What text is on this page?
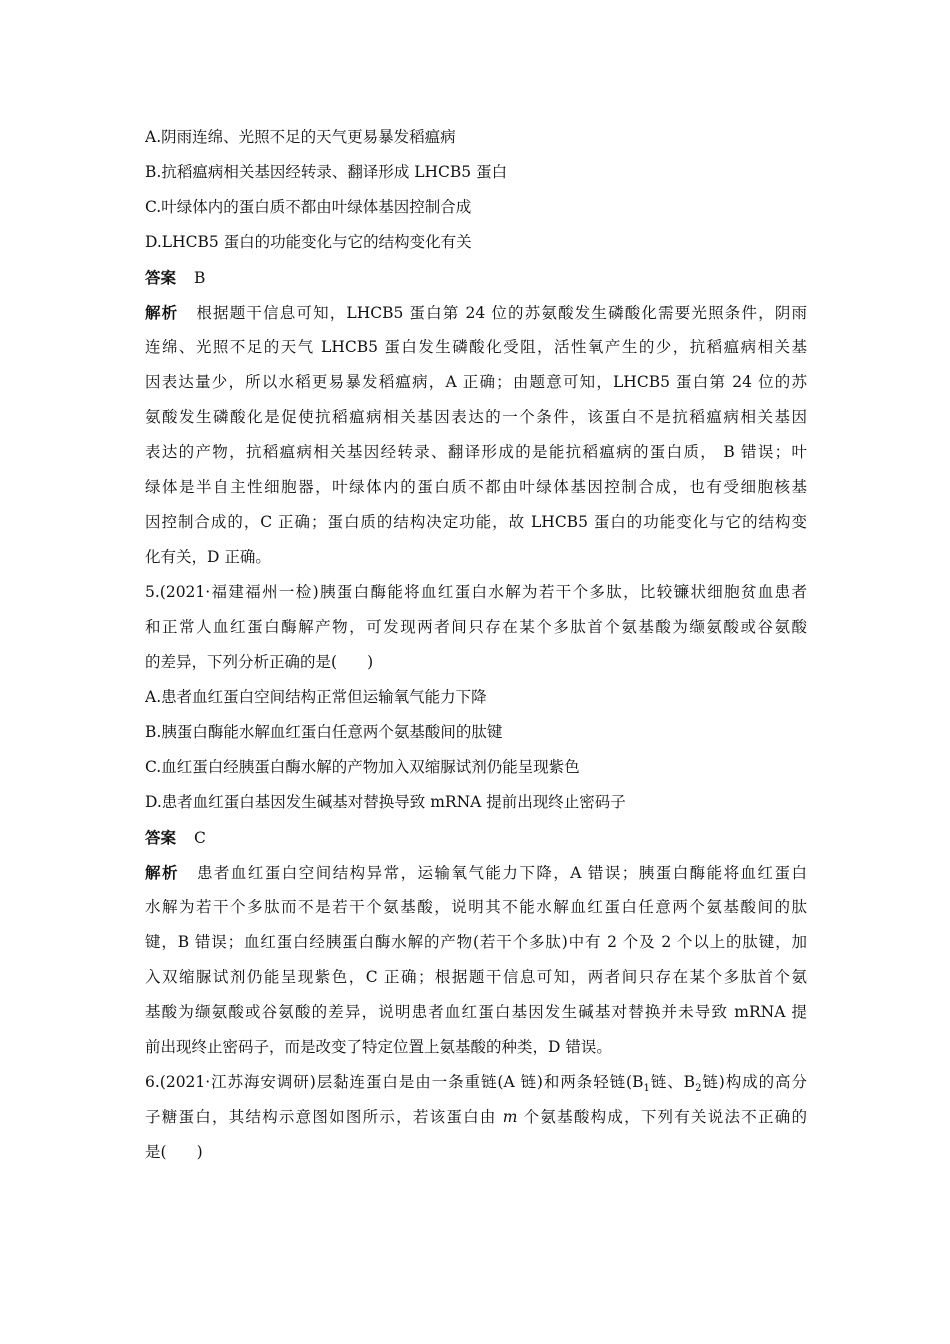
A.阴雨连绵、光照不足的天气更易暴发稻瘟病
B.抗稻瘟病相关基因经转录、翻译形成 LHCB5 蛋白
C.叶绿体内的蛋白质不都由叶绿体基因控制合成
D.LHCB5 蛋白的功能变化与它的结构变化有关
答案 B
解析 根据题干信息可知，LHCB5 蛋白第 24 位的苏氨酸发生磷酸化需要光照条件，阴雨
连绵、光照不足的天气 LHCB5 蛋白发生磷酸化受阻，活性氧产生的少，抗稻瘟病相关基
因表达量少，所以水稻更易暴发稻瘟病，A 正确；由题意可知，LHCB5 蛋白第 24 位的苏
氨酸发生磷酸化是促使抗稻瘟病相关基因表达的一个条件，该蛋白不是抗稻瘟病相关基因
表达的产物，抗稻瘟病相关基因经转录、翻译形成的是能抗稻瘟病的蛋白质， B 错误；叶
绿体是半自主性细胞器，叶绿体内的蛋白质不都由叶绿体基因控制合成，也有受细胞核基
因控制合成的，C 正确；蛋白质的结构决定功能，故 LHCB5 蛋白的功能变化与它的结构变
化有关，D 正确。
5.(2021·福建福州一检)胰蛋白酶能将血红蛋白水解为若干个多肽，比较镰状细胞贫血患者
和正常人血红蛋白酶解产物，可发现两者间只存在某个多肽首个氨基酸为缬氨酸或谷氨酸
的差异，下列分析正确的是( )
A.患者血红蛋白空间结构正常但运输氧气能力下降
B.胰蛋白酶能水解血红蛋白任意两个氨基酸间的肽键
C.血红蛋白经胰蛋白酶水解的产物加入双缩脲试剂仍能呈现紫色
D.患者血红蛋白基因发生碱基对替换导致 mRNA 提前出现终止密码子
答案 C
解析 患者血红蛋白空间结构异常，运输氧气能力下降，A 错误；胰蛋白酶能将血红蛋白
水解为若干个多肽而不是若干个氨基酸，说明其不能水解血红蛋白任意两个氨基酸间的肽
键，B 错误；血红蛋白经胰蛋白酶水解的产物(若干个多肽)中有 2 个及 2 个以上的肽键，加
入双缩脲试剂仍能呈现紫色，C 正确；根据题干信息可知，两者间只存在某个多肽首个氨
基酸为缬氨酸或谷氨酸的差异，说明患者血红蛋白基因发生碱基对替换并未导致 mRNA 提
前出现终止密码子，而是改变了特定位置上氨基酸的种类，D 错误。
6.(2021·江苏海安调研)层黏连蛋白是由一条重链(A 链)和两条轻链($B_1$链、$B_2$链)构成的高分
子糖蛋白，其结构示意图如图所示，若该蛋白由 m 个氨基酸构成，下列有关说法不正确的
是( )
